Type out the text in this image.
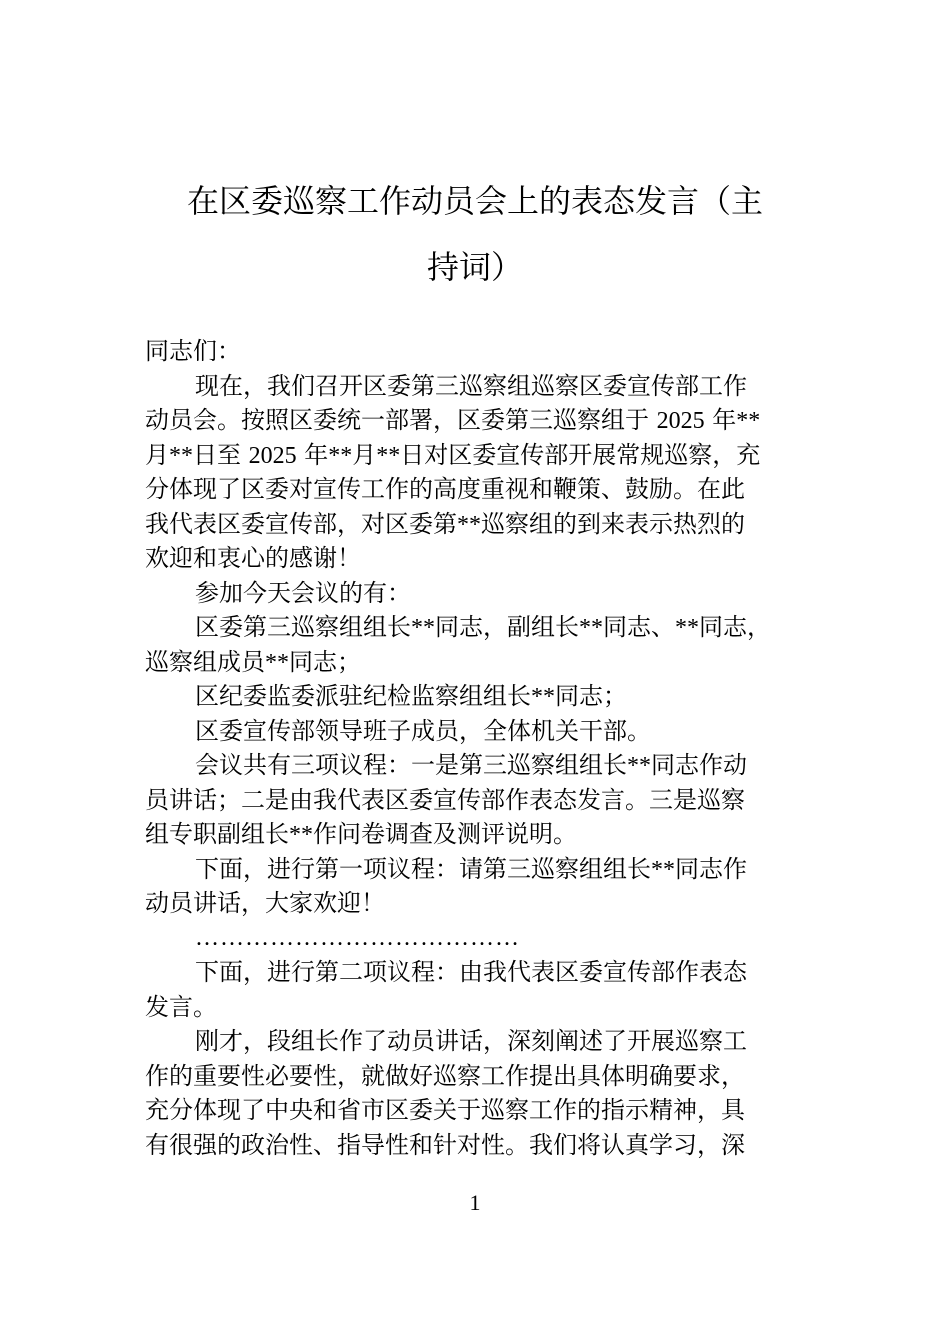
在区委巡察工作动员会上的表态发言（主
持词）
同志们：
现在，我们召开区委第三巡察组巡察区委宣传部工作
动员会。按照区委统一部署，区委第三巡察组于 2025 年**
月**日至 2025 年**月**日对区委宣传部开展常规巡察，充
分体现了区委对宣传工作的高度重视和鞭策、鼓励。在此
我代表区委宣传部，对区委第**巡察组的到来表示热烈的
欢迎和衷心的感谢！
参加今天会议的有：
区委第三巡察组组长**同志，副组长**同志、**同志，
巡察组成员**同志；
区纪委监委派驻纪检监察组组长**同志；
区委宣传部领导班子成员，全体机关干部。
会议共有三项议程：一是第三巡察组组长**同志作动
员讲话；二是由我代表区委宣传部作表态发言。三是巡察
组专职副组长**作问卷调查及测评说明。
下面，进行第一项议程：请第三巡察组组长**同志作
动员讲话，大家欢迎！
…………………………………
下面，进行第二项议程：由我代表区委宣传部作表态
发言。
刚才，段组长作了动员讲话，深刻阐述了开展巡察工
作的重要性必要性，就做好巡察工作提出具体明确要求，
充分体现了中央和省市区委关于巡察工作的指示精神，具
有很强的政治性、指导性和针对性。我们将认真学习，深
1
